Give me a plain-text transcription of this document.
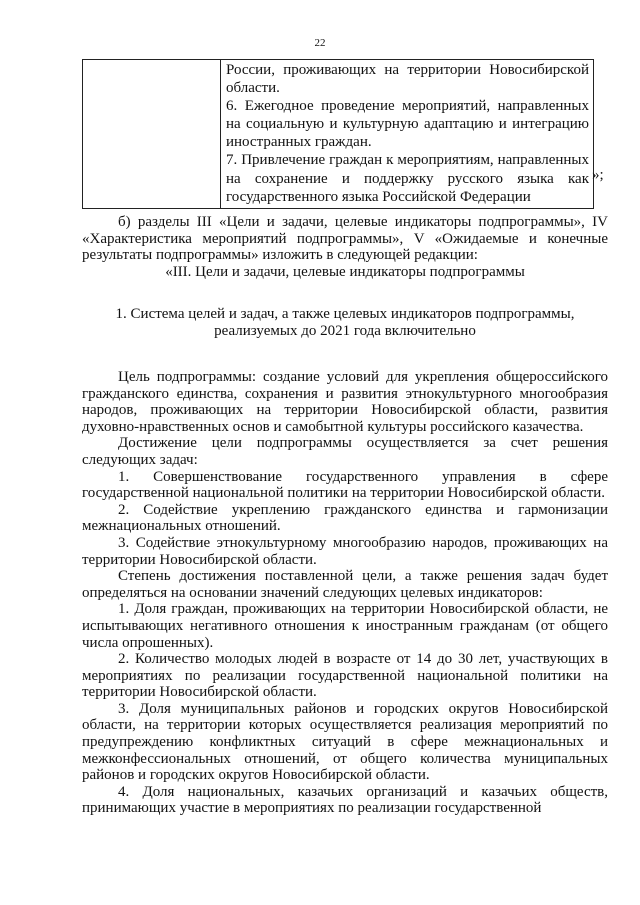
22

России, проживающих на территории Новосибирской области.

6. Ежегодное проведение мероприятий, направленных на социальную и культурную адаптацию и интеграцию иностранных граждан.

7. Привлечение граждан к мероприятиям, направленных на сохранение и поддержку русского языка как государственного языка Российской Федерации

»;

б) разделы III «Цели и задачи, целевые индикаторы подпрограммы», IV «Характеристика мероприятий подпрограммы», V «Ожидаемые и конечные результаты подпрограммы» изложить в следующей редакции:

«III. Цели и задачи, целевые индикаторы подпрограммы

1. Система целей и задач, а также целевых индикаторов подпрограммы,

реализуемых до 2021 года включительно

Цель подпрограммы: создание условий для укрепления общероссийского гражданского единства, сохранения и развития этнокультурного многообразия народов, проживающих на территории Новосибирской области, развития духовно-нравственных основ и самобытной культуры российского казачества.

Достижение цели подпрограммы осуществляется за счет решения следующих задач:

1. Совершенствование государственного управления в сфере государственной национальной политики на территории Новосибирской области.

2. Содействие укреплению гражданского единства и гармонизации межнациональных отношений.

3. Содействие этнокультурному многообразию народов, проживающих на территории Новосибирской области.

Степень достижения поставленной цели, а также решения задач будет определяться на основании значений следующих целевых индикаторов:

1. Доля граждан, проживающих на территории Новосибирской области, не испытывающих негативного отношения к иностранным гражданам (от общего числа опрошенных).

2. Количество молодых людей в возрасте от 14 до 30 лет, участвующих в мероприятиях по реализации государственной национальной политики на территории Новосибирской области.

3. Доля муниципальных районов и городских округов Новосибирской области, на территории которых осуществляется реализация мероприятий по предупреждению конфликтных ситуаций в сфере межнациональных и межконфессиональных отношений, от общего количества муниципальных районов и городских округов Новосибирской области.

4. Доля национальных, казачьих организаций и казачьих обществ, принимающих участие в мероприятиях по реализации государственной
